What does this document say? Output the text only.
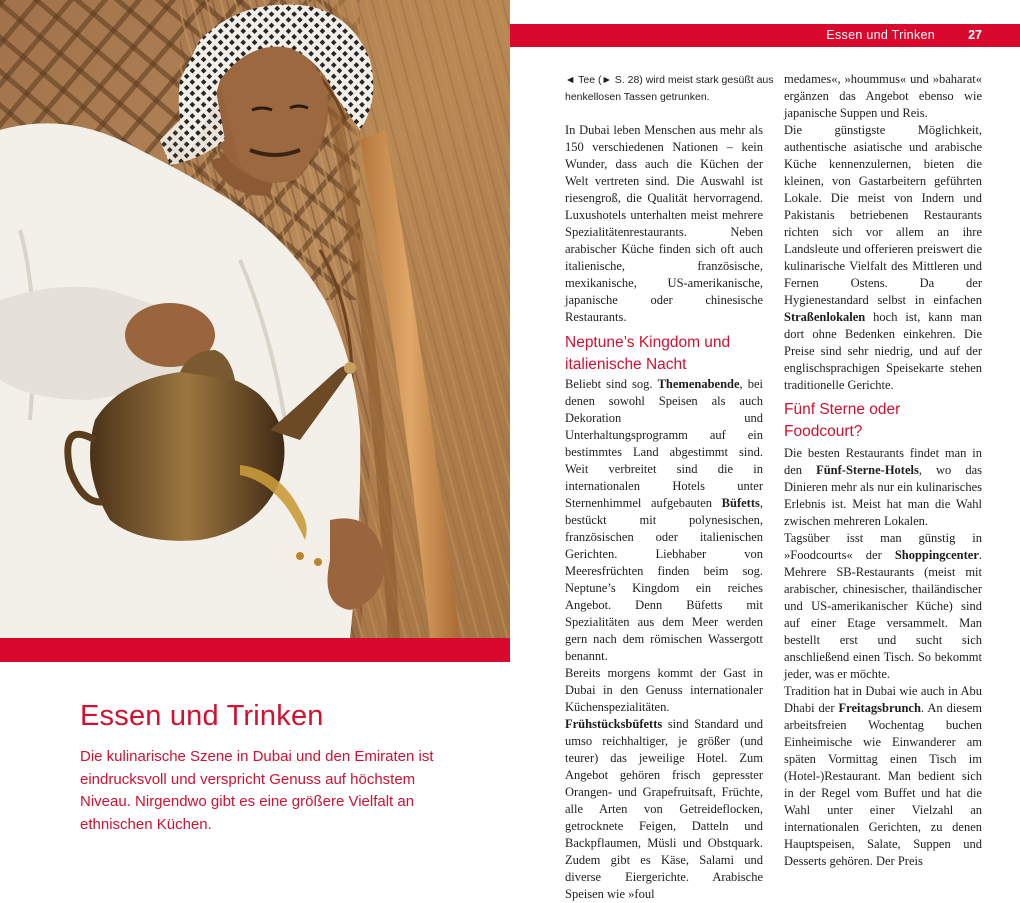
Essen und Trinken

Die kulinarische Szene in Dubai und den Emiraten ist eindrucksvoll und verspricht Genuss auf höchstem Niveau. Nirgendwo gibt es eine größere Vielfalt an ethnischen Küchen.

Essen und Trinken	27

◄ Tee (► S. 28) wird meist stark gesüßt aus henkellosen Tassen getrunken.

In Dubai leben Menschen aus mehr als 150 verschiedenen Nationen – kein Wunder, dass auch die Küchen der Welt vertreten sind. Die Auswahl ist riesengroß, die Qualität hervorragend. Luxushotels unterhalten meist mehrere Spezialitätenrestaurants. Neben arabischer Küche finden sich oft auch italienische, französische, mexikanische, US-amerikanische, japanische oder chinesische Restaurants.

Neptune’s Kingdom und italienische Nacht

Beliebt sind sog. Themenabende, bei denen sowohl Speisen als auch Dekoration und Unterhaltungsprogramm auf ein bestimmtes Land abgestimmt sind. Weit verbreitet sind die in internationalen Hotels unter Sternenhimmel aufgebauten Büfetts, bestückt mit polynesischen, französischen oder italienischen Gerichten. Liebhaber von Meeresfrüchten finden beim sog. Neptune’s Kingdom ein reiches Angebot. Denn Büfetts mit Spezialitäten aus dem Meer werden gern nach dem römischen Wassergott benannt.

Bereits morgens kommt der Gast in Dubai in den Genuss internationaler Küchenspezialitäten. Frühstücksbüfetts sind Standard und umso reichhaltiger, je größer (und teurer) das jeweilige Hotel. Zum Angebot gehören frisch gepresster Orangen- und Grapefruitsaft, Früchte, alle Arten von Getreideflocken, getrocknete Feigen, Datteln und Backpflaumen, Müsli und Obstquark. Zudem gibt es Käse, Salami und diverse Eiergerichte. Arabische Speisen wie »foul

medames«, »hoummus« und »baharat« ergänzen das Angebot ebenso wie japanische Suppen und Reis.

Die günstigste Möglichkeit, authentische asiatische und arabische Küche kennenzulernen, bieten die kleinen, von Gastarbeitern geführten Lokale. Die meist von Indern und Pakistanis betriebenen Restaurants richten sich vor allem an ihre Landsleute und offerieren preiswert die kulinarische Vielfalt des Mittleren und Fernen Ostens. Da der Hygienestandard selbst in einfachen Straßenlokalen hoch ist, kann man dort ohne Bedenken einkehren. Die Preise sind sehr niedrig, und auf der englischsprachigen Speisekarte stehen traditionelle Gerichte.

Fünf Sterne oder Foodcourt?

Die besten Restaurants findet man in den Fünf-Sterne-Hotels, wo das Dinieren mehr als nur ein kulinarisches Erlebnis ist. Meist hat man die Wahl zwischen mehreren Lokalen.

Tagsüber isst man günstig in »Foodcourts« der Shoppingcenter. Mehrere SB-Restaurants (meist mit arabischer, chinesischer, thailändischer und US-amerikanischer Küche) sind auf einer Etage versammelt. Man bestellt erst und sucht sich anschließend einen Tisch. So bekommt jeder, was er möchte.

Tradition hat in Dubai wie auch in Abu Dhabi der Freitagsbrunch. An diesem arbeitsfreien Wochentag buchen Einheimische wie Einwanderer am späten Vormittag einen Tisch im (Hotel-)Restaurant. Man bedient sich in der Regel vom Buffet und hat die Wahl unter einer Vielzahl an internationalen Gerichten, zu denen Hauptspeisen, Salate, Suppen und Desserts gehören. Der Preis
